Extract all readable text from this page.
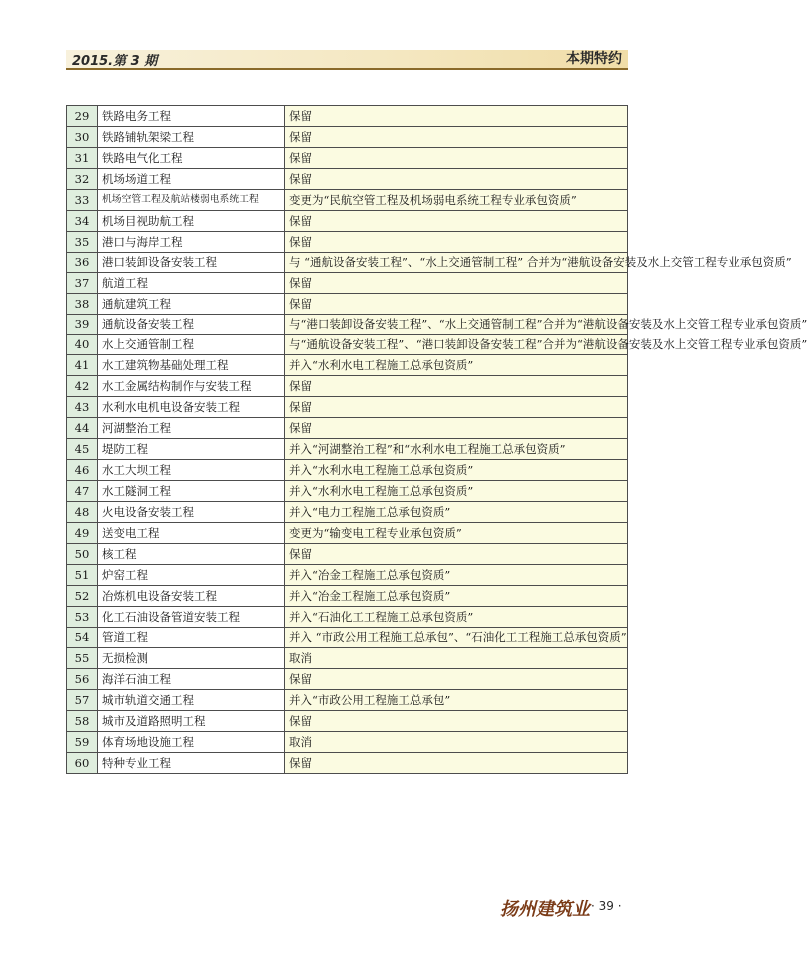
2015.第 3 期	本期特约
29	铁路电务工程	保留
30	铁路铺轨架梁工程	保留
31	铁路电气化工程	保留
32	机场场道工程	保留
33	机场空管工程及航站楼弱电系统工程	变更为“民航空管工程及机场弱电系统工程专业承包资质”
34	机场目视助航工程	保留
35	港口与海岸工程	保留
36	港口装卸设备安装工程	与 “通航设备安装工程”、“水上交通管制工程” 合并为“港航设备安装及水上交管工程专业承包资质”
37	航道工程	保留
38	通航建筑工程	保留
39	通航设备安装工程	与“港口装卸设备安装工程”、“水上交通管制工程”合并为“港航设备安装及水上交管工程专业承包资质”
40	水上交通管制工程	与“通航设备安装工程”、“港口装卸设备安装工程”合并为“港航设备安装及水上交管工程专业承包资质”
41	水工建筑物基础处理工程	并入“水利水电工程施工总承包资质”
42	水工金属结构制作与安装工程	保留
43	水利水电机电设备安装工程	保留
44	河湖整治工程	保留
45	堤防工程	并入“河湖整治工程”和“水利水电工程施工总承包资质”
46	水工大坝工程	并入“水利水电工程施工总承包资质”
47	水工隧洞工程	并入“水利水电工程施工总承包资质”
48	火电设备安装工程	并入“电力工程施工总承包资质”
49	送变电工程	变更为“输变电工程专业承包资质”
50	核工程	保留
51	炉窑工程	并入“冶金工程施工总承包资质”
52	冶炼机电设备安装工程	并入“冶金工程施工总承包资质”
53	化工石油设备管道安装工程	并入“石油化工工程施工总承包资质”
54	管道工程	并入 “市政公用工程施工总承包”、“石油化工工程施工总承包资质”
55	无损检测	取消
56	海洋石油工程	保留
57	城市轨道交通工程	并入“市政公用工程施工总承包”
58	城市及道路照明工程	保留
59	体育场地设施工程	取消
60	特种专业工程	保留
扬州建筑业 · 39 ·
